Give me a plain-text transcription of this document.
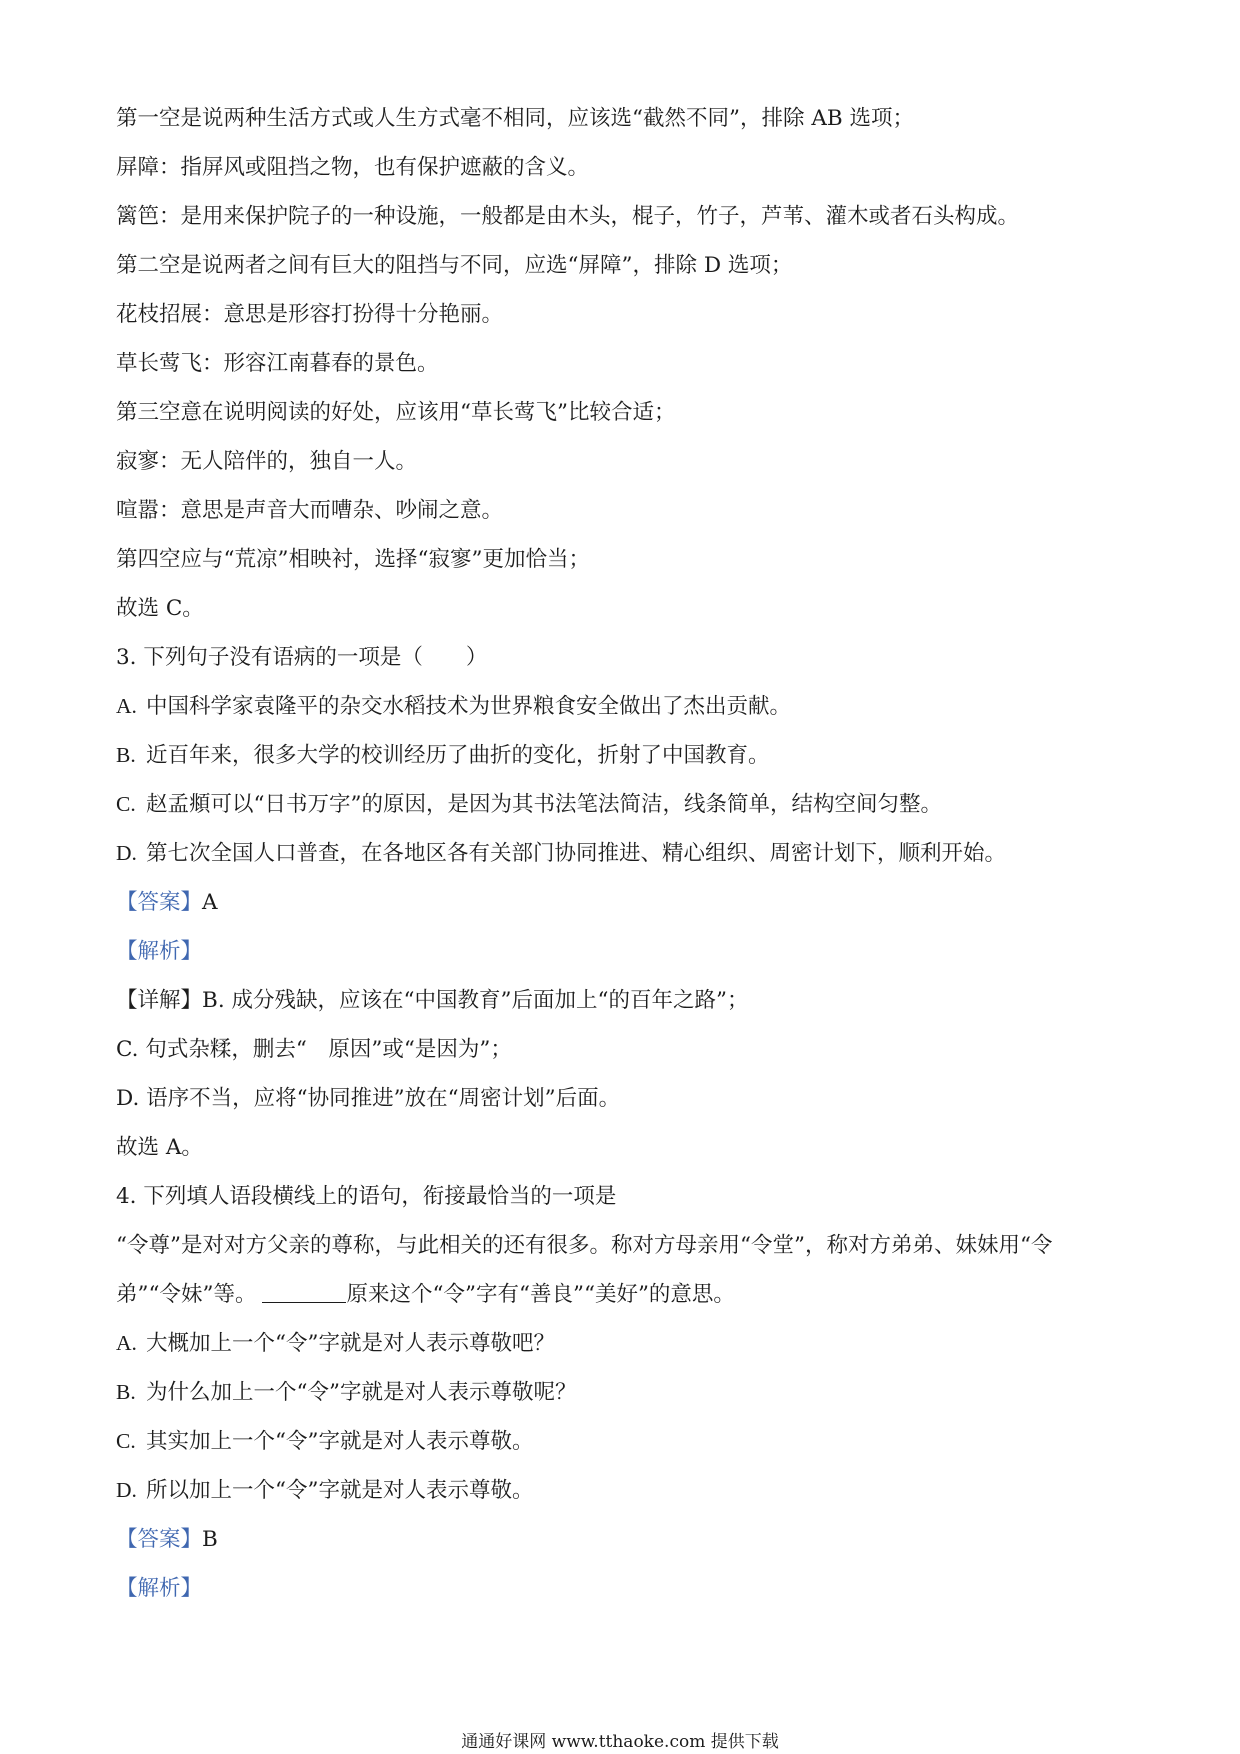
第一空是说两种生活方式或人生方式毫不相同，应该选“截然不同”，排除 AB 选项；
屏障：指屏风或阻挡之物，也有保护遮蔽的含义。
篱笆：是用来保护院子的一种设施，一般都是由木头，棍子，竹子，芦苇、灌木或者石头构成。
第二空是说两者之间有巨大的阻挡与不同，应选“屏障”，排除 D 选项；
花枝招展：意思是形容打扮得十分艳丽。
草长莺飞：形容江南暮春的景色。
第三空意在说明阅读的好处，应该用“草长莺飞”比较合适；
寂寥：无人陪伴的，独自一人。
喧嚣：意思是声音大而嘈杂、吵闹之意。
第四空应与“荒凉”相映衬，选择“寂寥”更加恰当；
故选 C。
3. 下列句子没有语病的一项是（　　）
A. 中国科学家袁隆平的杂交水稻技术为世界粮食安全做出了杰出贡献。
B. 近百年来，很多大学的校训经历了曲折的变化，折射了中国教育。
C. 赵孟頫可以“日书万字”的原因，是因为其书法笔法简洁，线条简单，结构空间匀整。
D. 第七次全国人口普查，在各地区各有关部门协同推进、精心组织、周密计划下，顺利开始。
【答案】A
【解析】
【详解】B. 成分残缺，应该在“中国教育”后面加上“的百年之路”；
C. 句式杂糅，删去“　原因”或“是因为”；
D. 语序不当，应将“协同推进”放在“周密计划”后面。
故选 A。
4. 下列填人语段横线上的语句，衔接最恰当的一项是
“令尊”是对对方父亲的尊称，与此相关的还有很多。称对方母亲用“令堂”，称对方弟弟、妹妹用“令
弟”“令妹”等。	原来这个“令”字有“善良”“美好”的意思。
A. 大概加上一个“令”字就是对人表示尊敬吧？
B. 为什么加上一个“令”字就是对人表示尊敬呢？
C. 其实加上一个“令”字就是对人表示尊敬。
D. 所以加上一个“令”字就是对人表示尊敬。
【答案】B
【解析】
通通好课网 www.tthaoke.com 提供下载
